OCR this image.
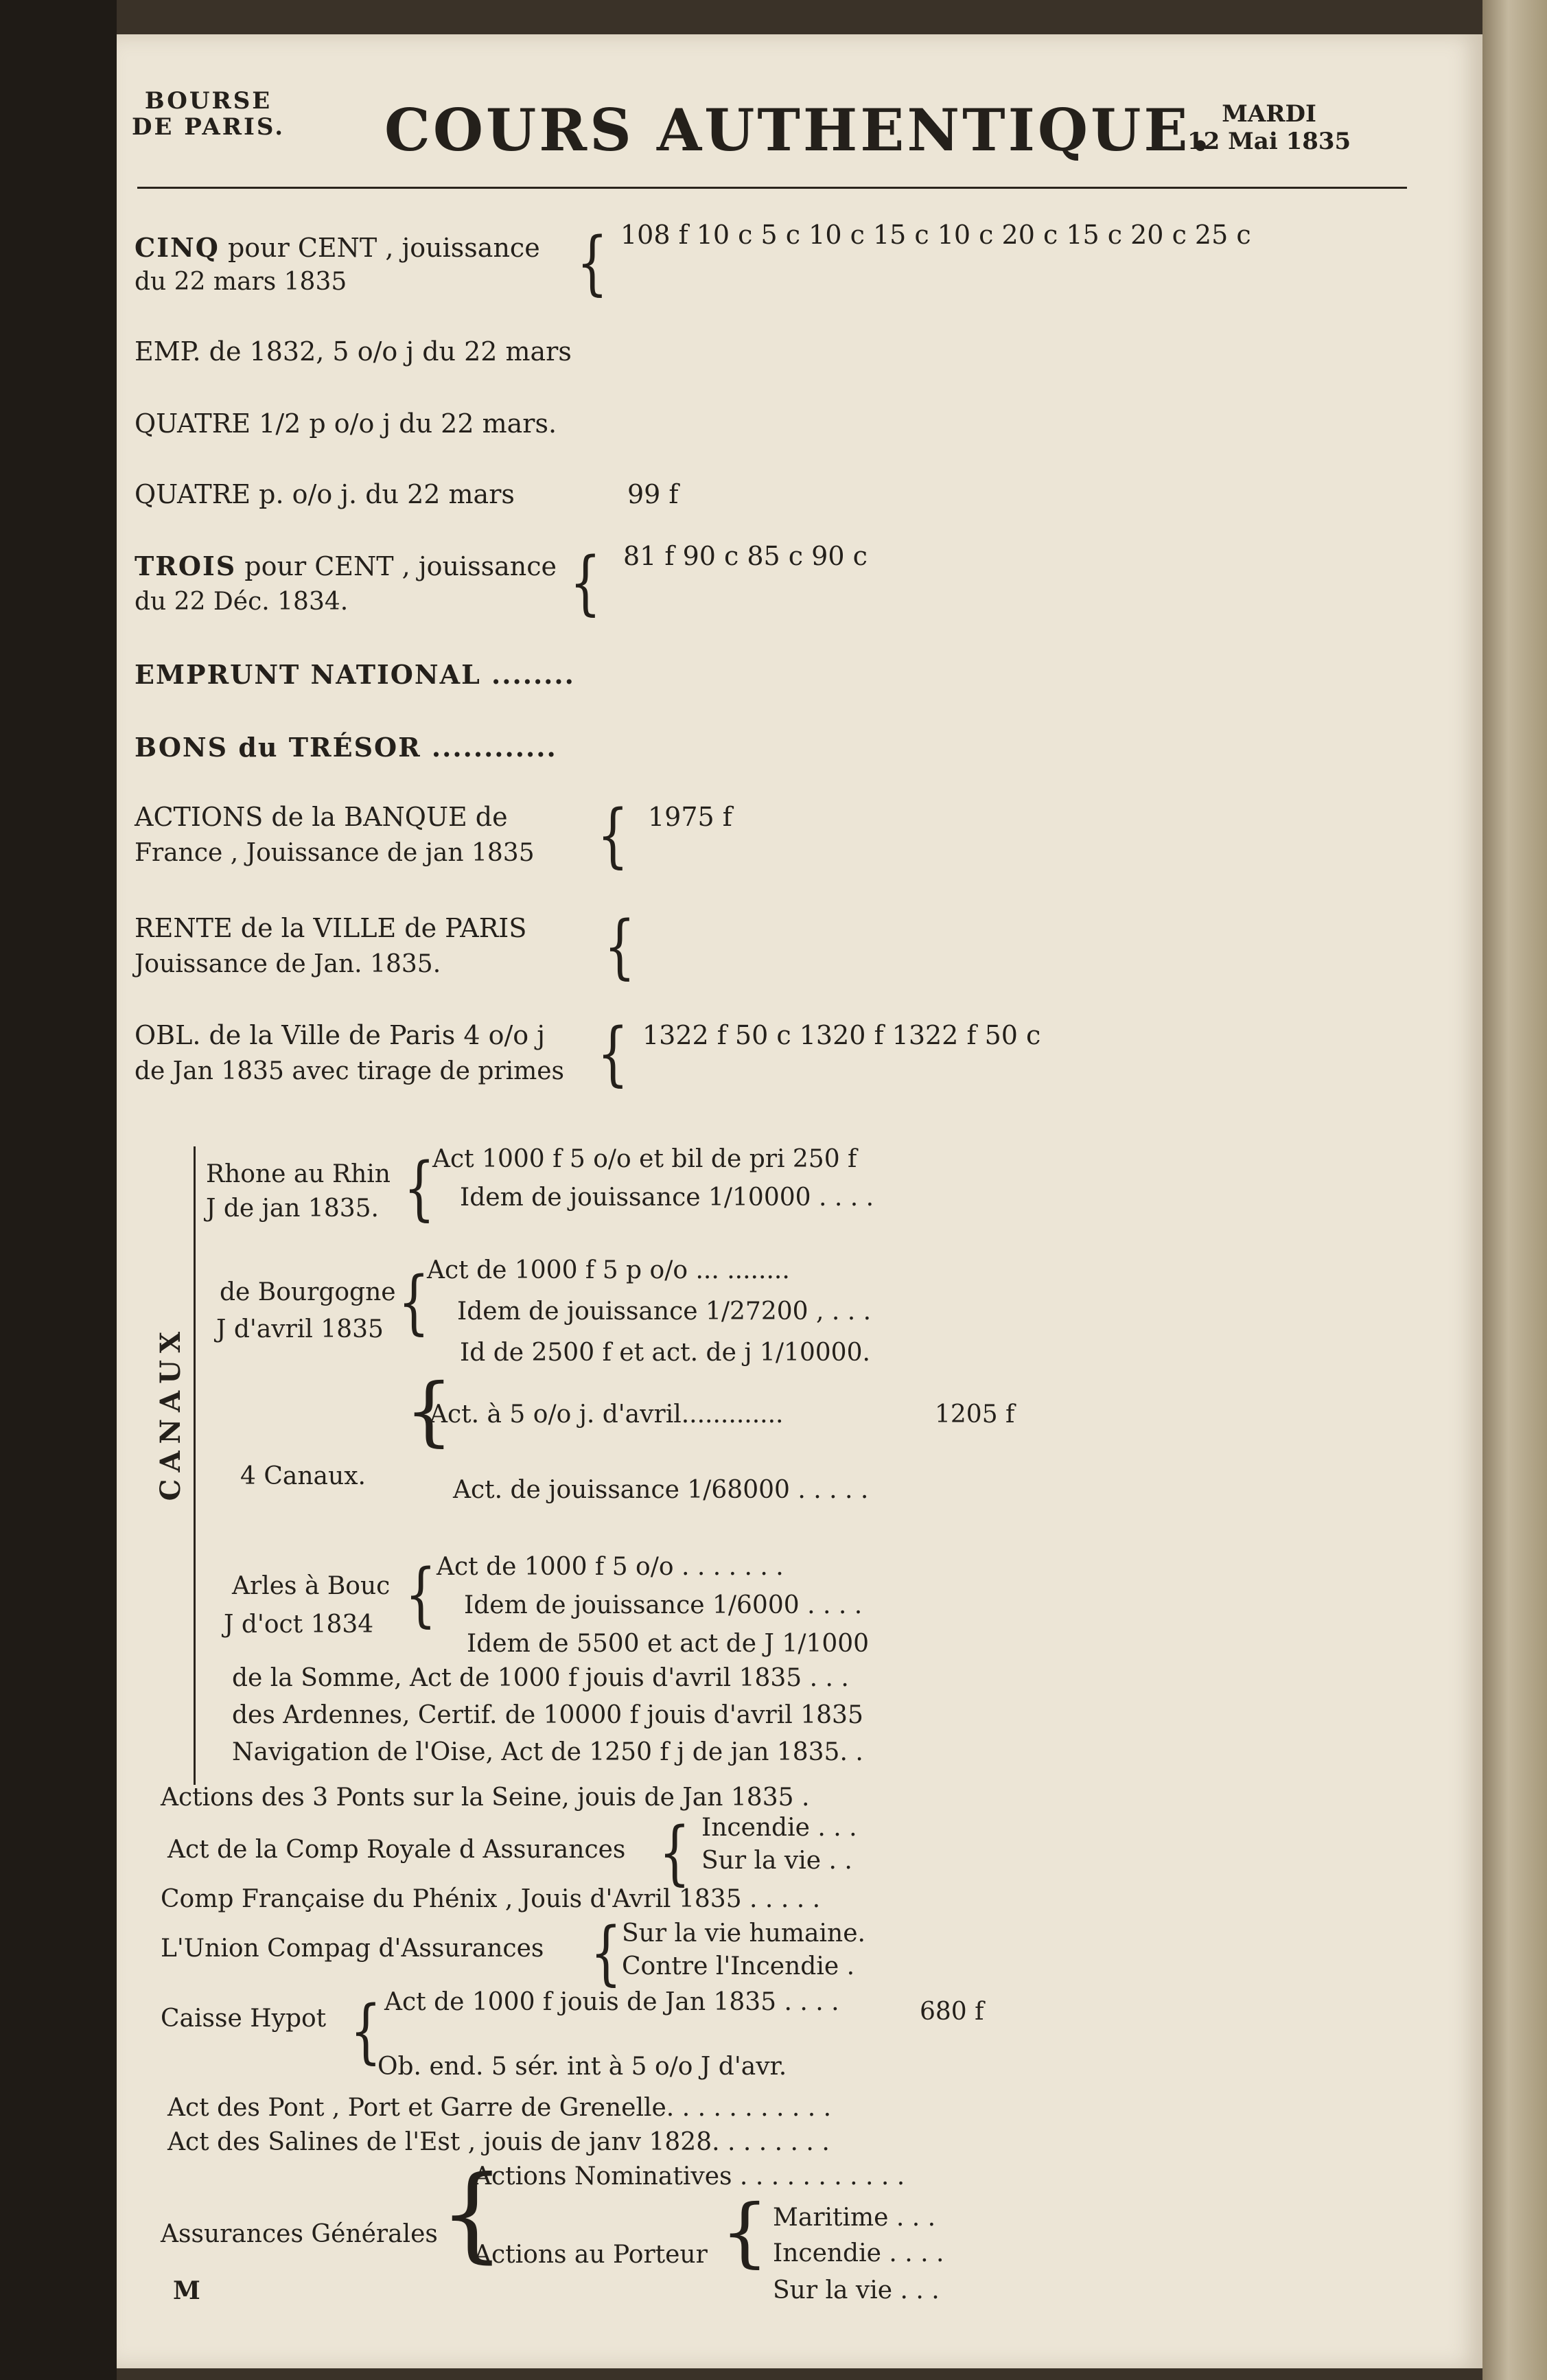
BOURSE
DE PARIS. COURS AUTHENTIQUE. MARDI
12 Mai 1835
CINQ pour CENT , jouissance
du 22 mars 1835	{ 108 f 10 c 5 c 10 c 15 c 10 c 20 c 15 c 20 c 25 c
EMP. de 1832, 5 o/o j du 22 mars
QUATRE 1/2 p o/o j du 22 mars.
QUATRE p. o/o j. du 22 mars	99 f
TROIS pour CENT , jouissance
du 22 Déc. 1834.	{ 81 f 90 c 85 c 90 c
EMPRUNT NATIONAL ........
BONS du TRÉSOR ............
ACTIONS de la BANQUE de
France , Jouissance de jan 1835 { 1975 f
RENTE de la VILLE de PARIS
Jouissance de Jan. 1835.	{
OBL. de la Ville de Paris 4 o/o j
de Jan 1835 avec tirage de primes { 1322 f 50 c 1320 f 1322 f 50 c
CANAUX
Rhone au Rhin
J de jan 1835. {
Act 1000 f 5 o/o et bil de pri 250 f
Idem de jouissance 1/10000 . . . .
de Bourgogne
J d'avril 1835 {
Act de 1000 f 5 p o/o ... ........
Idem de jouissance 1/27200 , . . .
Id de 2500 f et act. de j 1/10000.
{
4 Canaux.
Act. à 5 o/o j. d'avril.............	1205 f
Act. de jouissance 1/68000 . . . . .
Arles à Bouc
J d'oct 1834 { Act de 1000 f 5 o/o . . . . . . .
Idem de jouissance 1/6000 . . . .
Idem de 5500 et act de J 1/1000
de la Somme, Act de 1000 f jouis d'avril 1835 . . .
des Ardennes, Certif. de 10000 f jouis d'avril 1835
Navigation de l'Oise, Act de 1250 f j de jan 1835. .
Actions des 3 Ponts sur la Seine, jouis de Jan 1835 .
Act de la Comp Royale d Assurances { Incendie . . .
Sur la vie . .
Comp Française du Phénix , Jouis d'Avril 1835 . . . . .
L'Union Compag d'Assurances { Sur la vie humaine.
Contre l'Incendie .
Caisse Hypot { Act de 1000 f jouis de Jan 1835 . . . .	680 f
Ob. end. 5 sér. int à 5 o/o J d'avr.
Act des Pont , Port et Garre de Grenelle. . . . . . . . . . .
Act des Salines de l'Est , jouis de janv 1828. . . . . . . .
Assurances Générales {
Actions Nominatives . . . . . . . . . . .
Actions au Porteur { Maritime . . .
Incendie . . . .
Sur la vie . . .
M
